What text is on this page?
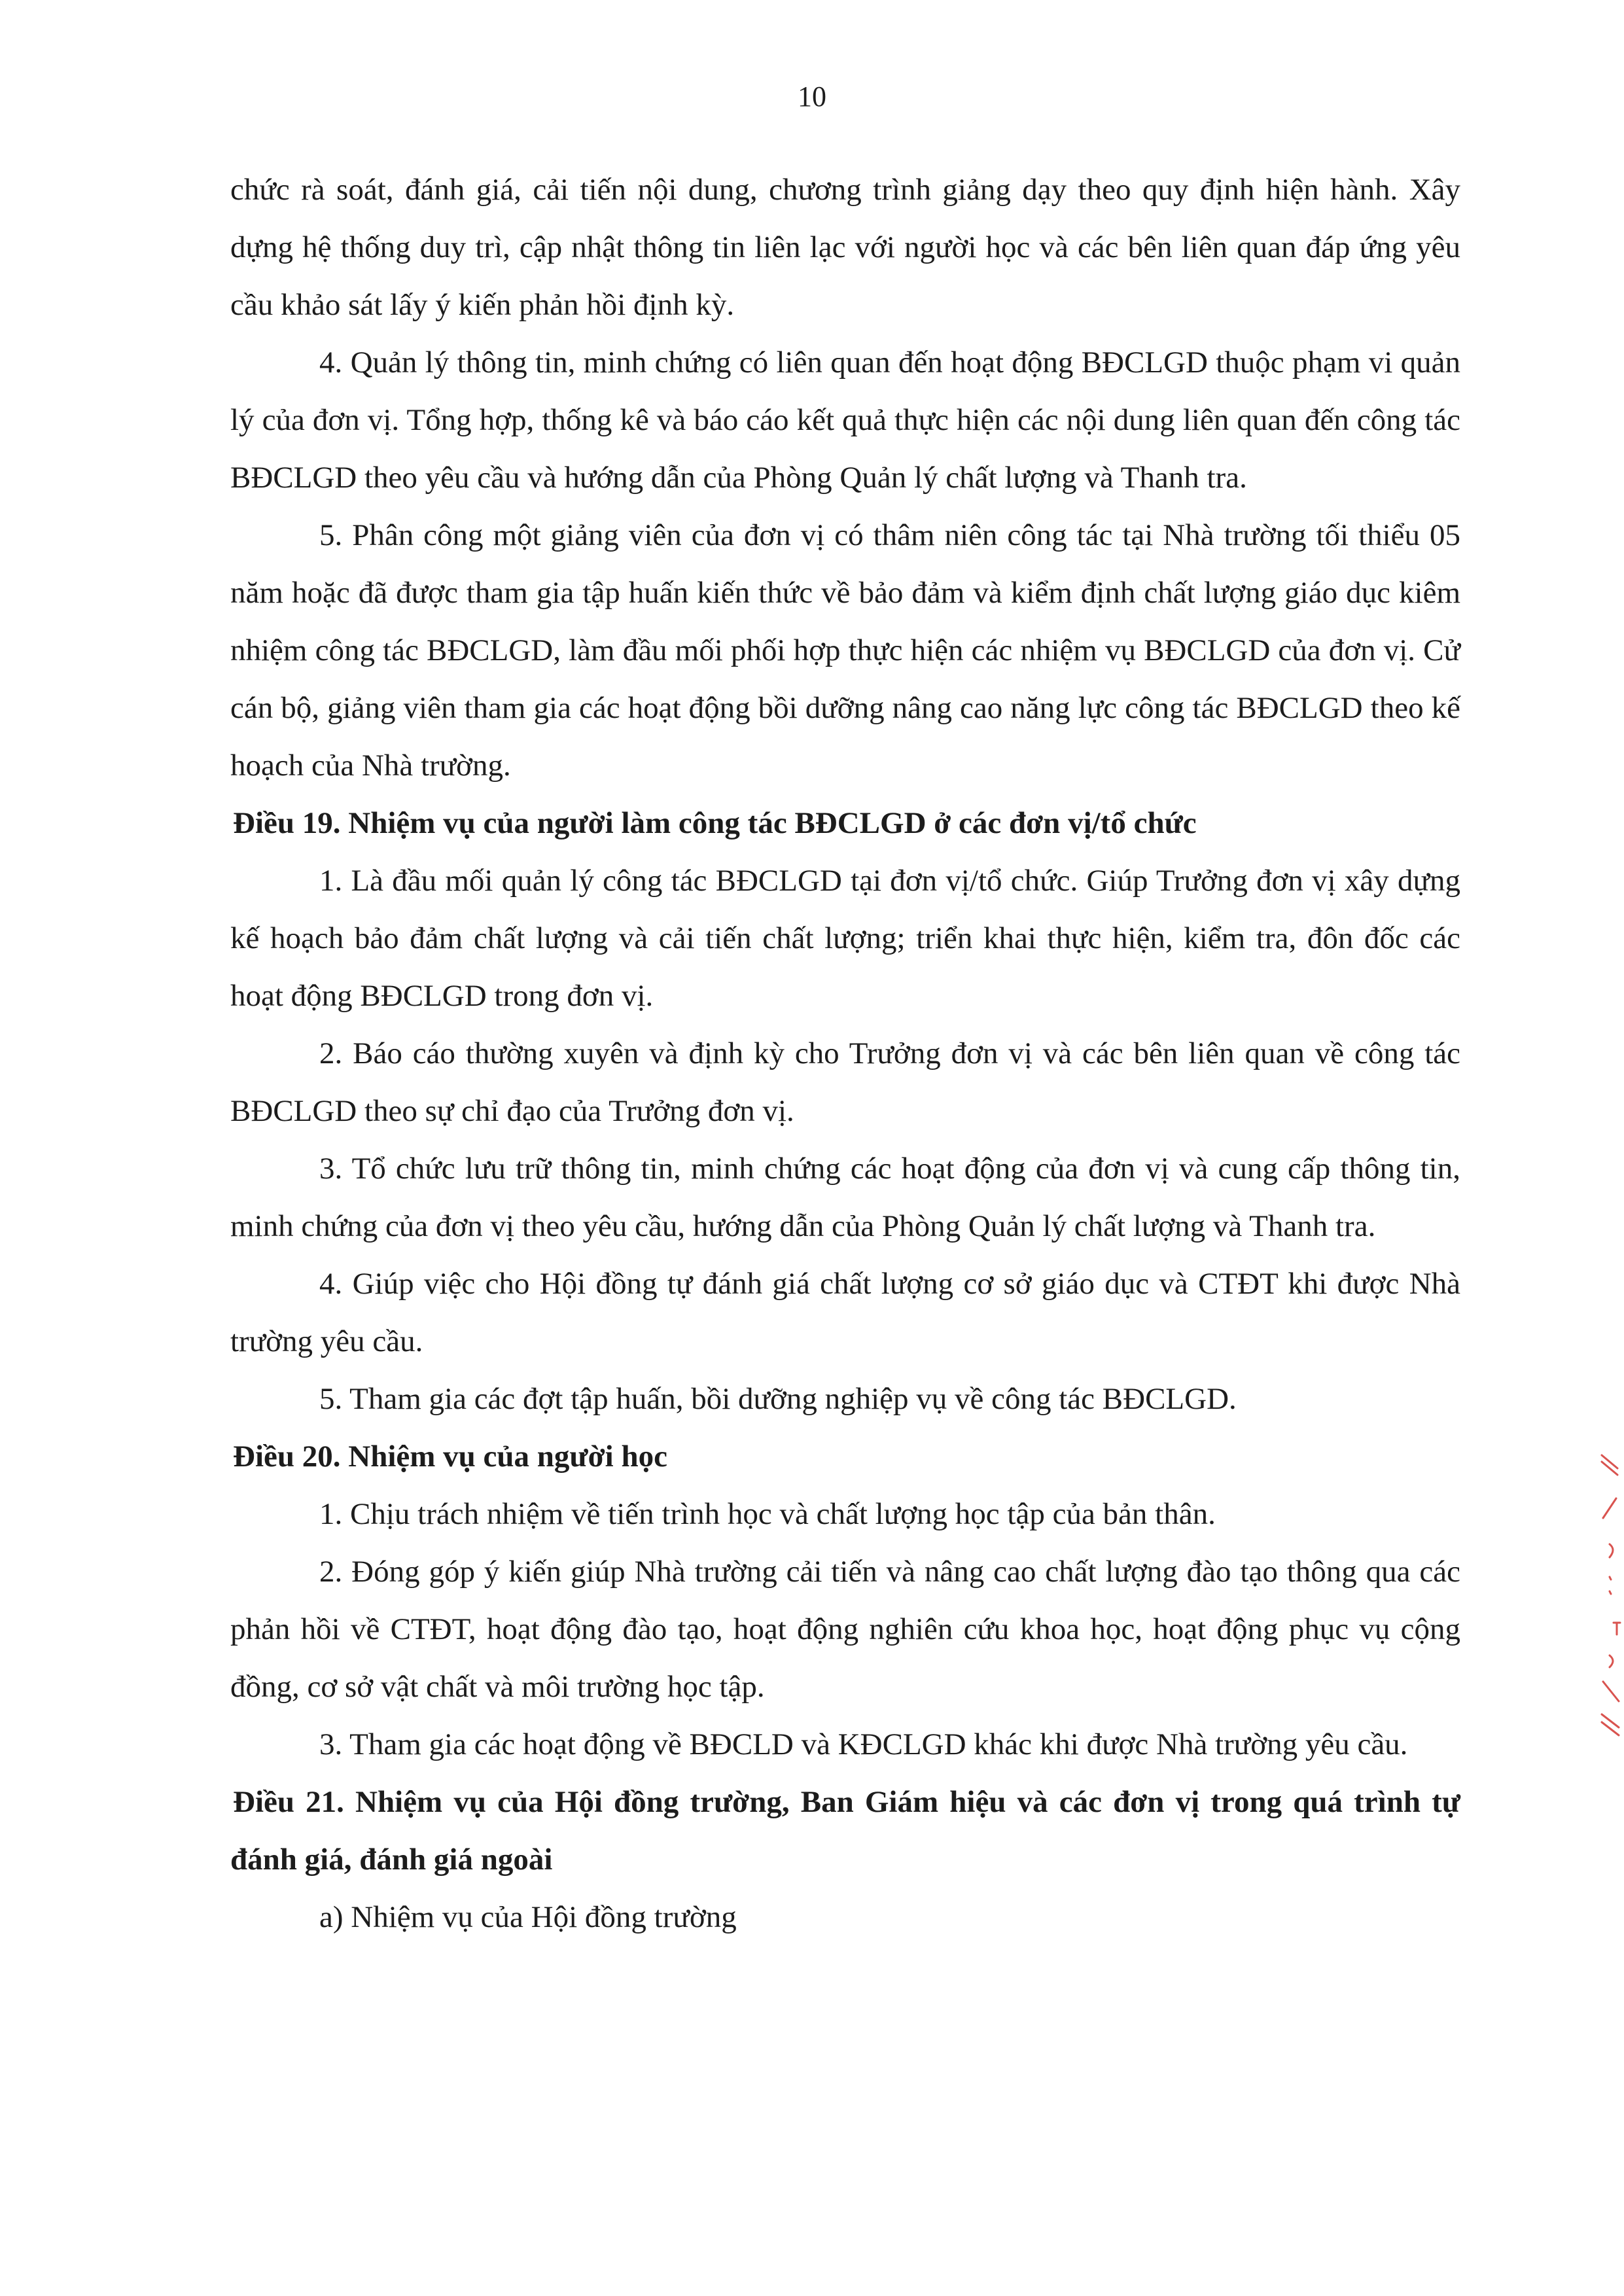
10

chức rà soát, đánh giá, cải tiến nội dung, chương trình giảng dạy theo quy định hiện hành. Xây dựng hệ thống duy trì, cập nhật thông tin liên lạc với người học và các bên liên quan đáp ứng yêu cầu khảo sát lấy ý kiến phản hồi định kỳ.

4. Quản lý thông tin, minh chứng có liên quan đến hoạt động BĐCLGD thuộc phạm vi quản lý của đơn vị. Tổng hợp, thống kê và báo cáo kết quả thực hiện các nội dung liên quan đến công tác BĐCLGD theo yêu cầu và hướng dẫn của Phòng Quản lý chất lượng và Thanh tra.

5. Phân công một giảng viên của đơn vị có thâm niên công tác tại Nhà trường tối thiểu 05 năm hoặc đã được tham gia tập huấn kiến thức về bảo đảm và kiểm định chất lượng giáo dục kiêm nhiệm công tác BĐCLGD, làm đầu mối phối hợp thực hiện các nhiệm vụ BĐCLGD của đơn vị. Cử cán bộ, giảng viên tham gia các hoạt động bồi dưỡng nâng cao năng lực công tác BĐCLGD theo kế hoạch của Nhà trường.

Điều 19. Nhiệm vụ của người làm công tác BĐCLGD ở các đơn vị/tổ chức

1. Là đầu mối quản lý công tác BĐCLGD tại đơn vị/tổ chức. Giúp Trưởng đơn vị xây dựng kế hoạch bảo đảm chất lượng và cải tiến chất lượng; triển khai thực hiện, kiểm tra, đôn đốc các hoạt động BĐCLGD trong đơn vị.

2. Báo cáo thường xuyên và định kỳ cho Trưởng đơn vị và các bên liên quan về công tác BĐCLGD theo sự chỉ đạo của Trưởng đơn vị.

3. Tổ chức lưu trữ thông tin, minh chứng các hoạt động của đơn vị và cung cấp thông tin, minh chứng của đơn vị theo yêu cầu, hướng dẫn của Phòng Quản lý chất lượng và Thanh tra.

4. Giúp việc cho Hội đồng tự đánh giá chất lượng cơ sở giáo dục và CTĐT khi được Nhà trường yêu cầu.

5. Tham gia các đợt tập huấn, bồi dưỡng nghiệp vụ về công tác BĐCLGD.

Điều 20. Nhiệm vụ của người học

1. Chịu trách nhiệm về tiến trình học và chất lượng học tập của bản thân.

2. Đóng góp ý kiến giúp Nhà trường cải tiến và nâng cao chất lượng đào tạo thông qua các phản hồi về CTĐT, hoạt động đào tạo, hoạt động nghiên cứu khoa học, hoạt động phục vụ cộng đồng, cơ sở vật chất và môi trường học tập.

3. Tham gia các hoạt động về BĐCLD và KĐCLGD khác khi được Nhà trường yêu cầu.

Điều 21. Nhiệm vụ của Hội đồng trường, Ban Giám hiệu và các đơn vị trong quá trình tự đánh giá, đánh giá ngoài

a) Nhiệm vụ của Hội đồng trường
